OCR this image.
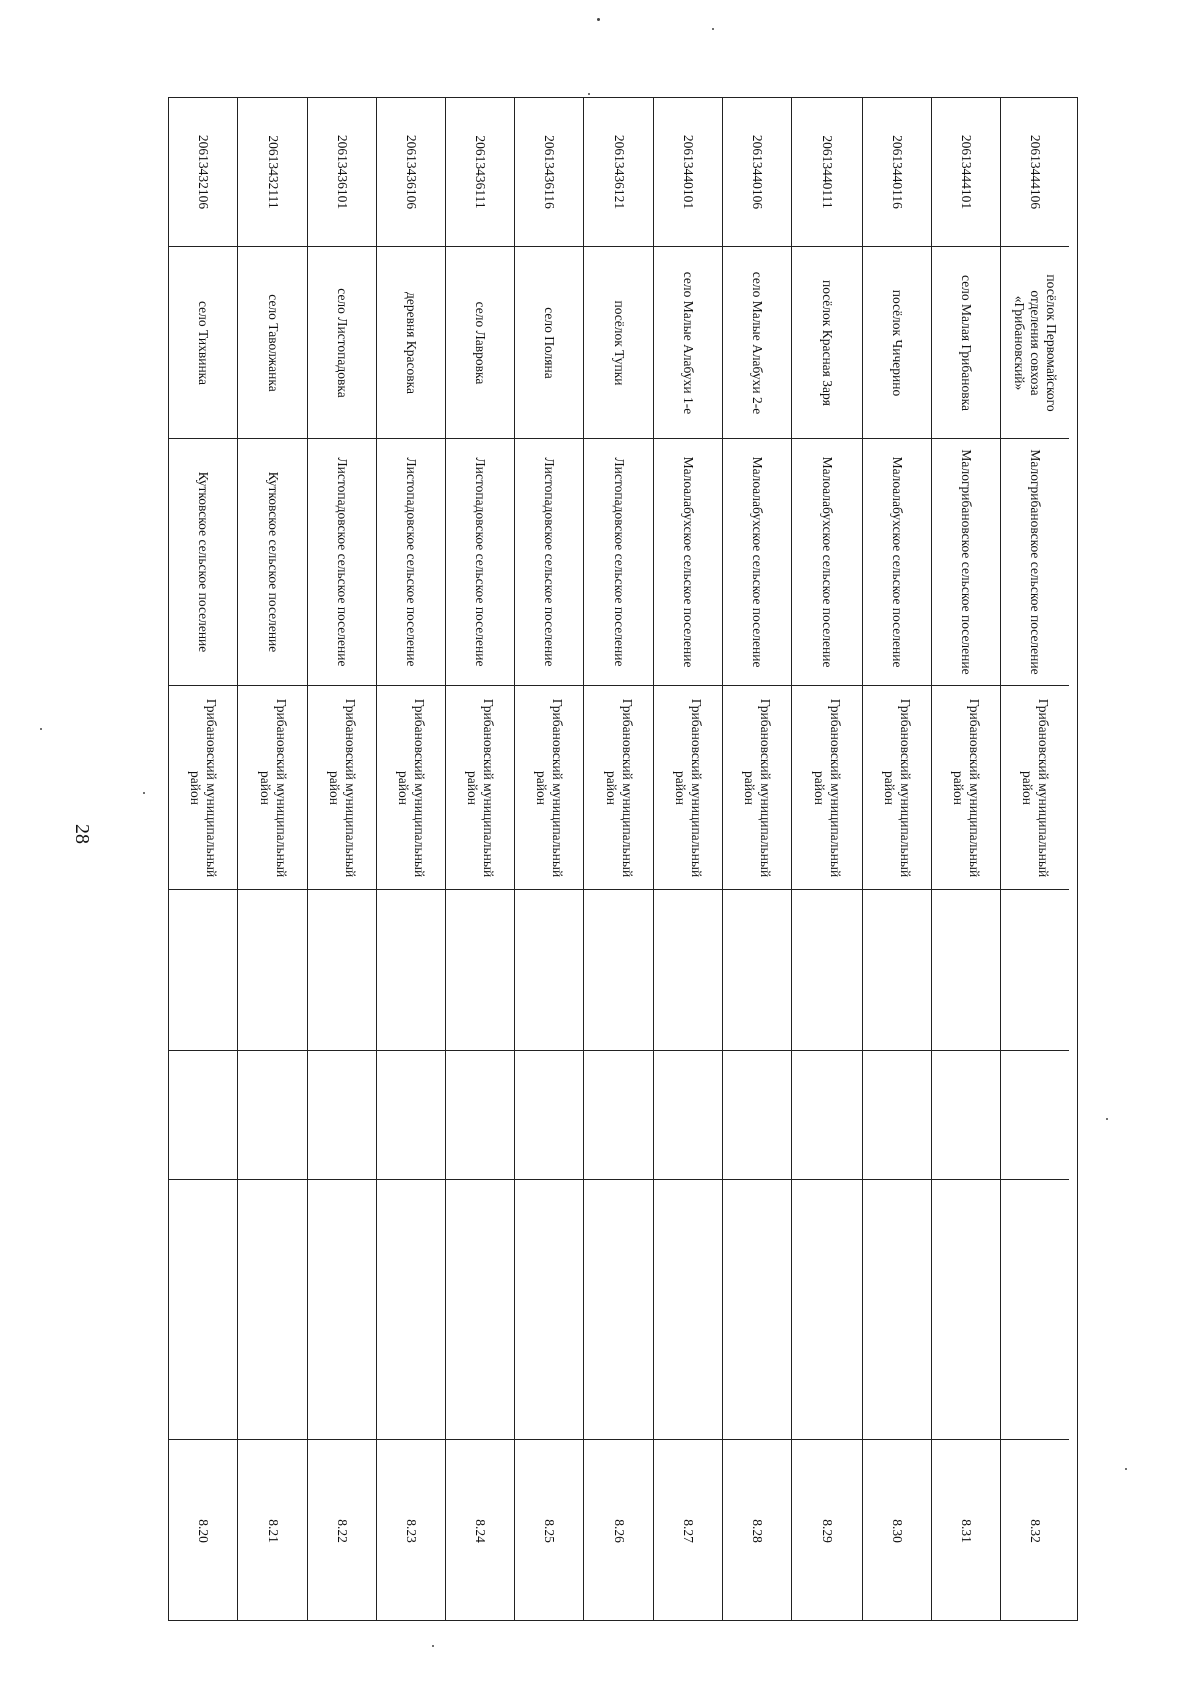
28
20613432106
село Тихвинка
Кутковское сельское поселение
Грибановский муниципальный район
8.20
20613432111
село Таволжанка
Кутковское сельское поселение
Грибановский муниципальный район
8.21
20613436101
село Листопадовка
Листопадовское сельское поселение
Грибановский муниципальный район
8.22
20613436106
деревня Красовка
Листопадовское сельское поселение
Грибановский муниципальный район
8.23
20613436111
село Лавровка
Листопадовское сельское поселение
Грибановский муниципальный район
8.24
20613436116
село Поляна
Листопадовское сельское поселение
Грибановский муниципальный район
8.25
20613436121
посёлок Тупки
Листопадовское сельское поселение
Грибановский муниципальный район
8.26
20613440101
село Малые Алабухи 1-е
Малоалабухское сельское поселение
Грибановский муниципальный район
8.27
20613440106
село Малые Алабухи 2-е
Малоалабухское сельское поселение
Грибановский муниципальный район
8.28
20613440111
посёлок Красная Заря
Малоалабухское сельское поселение
Грибановский муниципальный район
8.29
20613440116
посёлок Чичерино
Малоалабухское сельское поселение
Грибановский муниципальный район
8.30
20613444101
село Малая Грибановка
Малогрибановское сельское поселение
Грибановский муниципальный район
8.31
20613444106
посёлок Первомайского отделения совхоза «Грибановский»
Малогрибановское сельское поселение
Грибановский муниципальный район
8.32
